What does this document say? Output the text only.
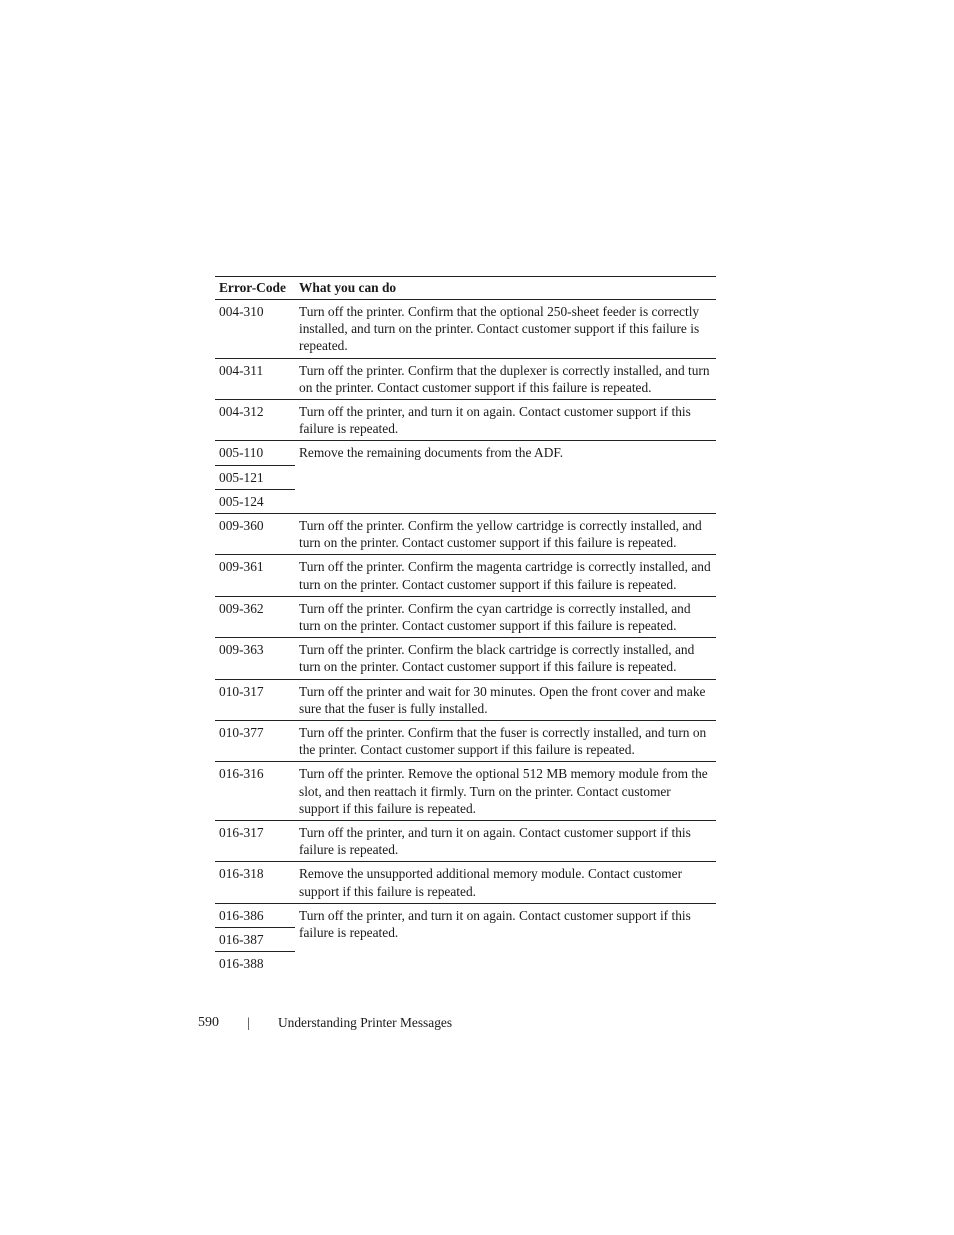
Error-Code	What you can do
004-310	Turn off the printer. Confirm that the optional 250-sheet feeder is correctly installed, and turn on the printer. Contact customer support if this failure is repeated.
004-311	Turn off the printer. Confirm that the duplexer is correctly installed, and turn on the printer. Contact customer support if this failure is repeated.
004-312	Turn off the printer, and turn it on again. Contact customer support if this failure is repeated.
005-110	Remove the remaining documents from the ADF.
005-121	
005-124	
009-360	Turn off the printer. Confirm the yellow cartridge is correctly installed, and turn on the printer. Contact customer support if this failure is repeated.
009-361	Turn off the printer. Confirm the magenta cartridge is correctly installed, and turn on the printer. Contact customer support if this failure is repeated.
009-362	Turn off the printer. Confirm the cyan cartridge is correctly installed, and turn on the printer. Contact customer support if this failure is repeated.
009-363	Turn off the printer. Confirm the black cartridge is correctly installed, and turn on the printer. Contact customer support if this failure is repeated.
010-317	Turn off the printer and wait for 30 minutes. Open the front cover and make sure that the fuser is fully installed.
010-377	Turn off the printer. Confirm that the fuser is correctly installed, and turn on the printer. Contact customer support if this failure is repeated.
016-316	Turn off the printer. Remove the optional 512 MB memory module from the slot, and then reattach it firmly. Turn on the printer. Contact customer support if this failure is repeated.
016-317	Turn off the printer, and turn it on again. Contact customer support if this failure is repeated.
016-318	Remove the unsupported additional memory module. Contact customer support if this failure is repeated.
016-386	Turn off the printer, and turn it on again. Contact customer support if this failure is repeated.
016-387	
016-388	
590 | Understanding Printer Messages
